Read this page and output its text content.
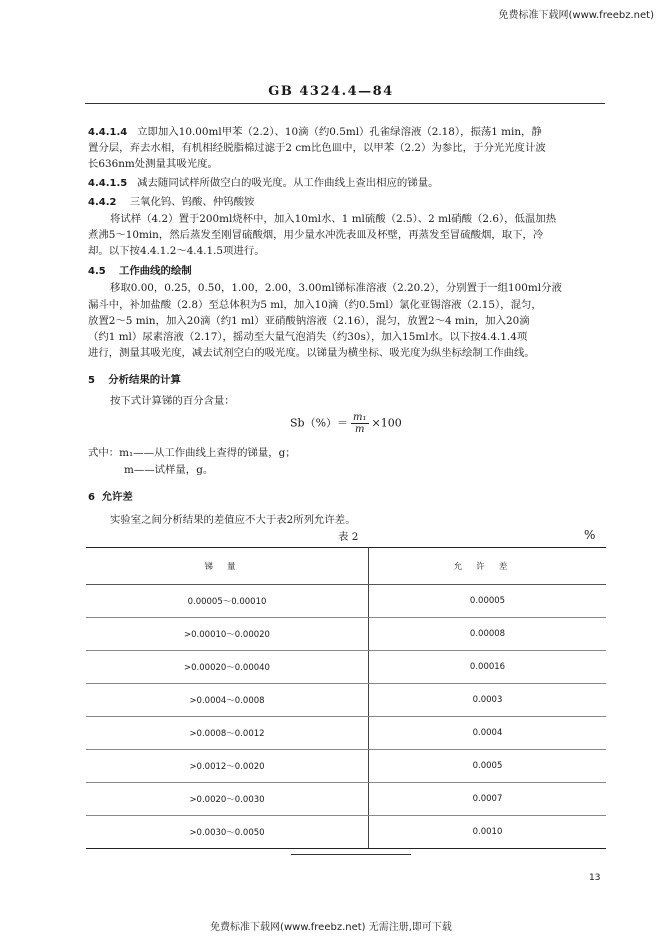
免费标准下载网(www.freebz.net)
GB 4324.4—84
4.4.1.4 立即加入10.00ml甲苯（2.2）、10滴（约0.5ml）孔雀绿溶液（2.18），振荡1 min，静
置分层，弃去水相，有机相经脱脂棉过滤于2 cm比色皿中，以甲苯（2.2）为参比，于分光光度计波
长636nm处测量其吸光度。
4.4.1.5 减去随同试样所做空白的吸光度。从工作曲线上查出相应的锑量。
4.4.2 三氧化钨、钨酸、仲钨酸铵
将试样（4.2）置于200ml烧杯中，加入10ml水、1 ml硫酸（2.5）、2 ml硝酸（2.6），低温加热
煮沸5～10min，然后蒸发至刚冒硫酸烟，用少量水冲洗表皿及杯壁，再蒸发至冒硫酸烟，取下，冷
却。以下按4.4.1.2～4.4.1.5项进行。
4.5 工作曲线的绘制
移取0.00，0.25，0.50，1.00，2.00，3.00ml锑标准溶液（2.20.2），分别置于一组100ml分液
漏斗中，补加盐酸（2.8）至总体积为5 ml，加入10滴（约0.5ml）氯化亚锡溶液（2.15），混匀，
放置2～5 min，加入20滴（约1 ml）亚硝酸钠溶液（2.16），混匀，放置2～4 min，加入20滴
（约1 ml）尿素溶液（2.17），摇动至大量气泡消失（约30s），加入15ml水。以下按4.4.1.4项
进行，测量其吸光度，减去试剂空白的吸光度。以锑量为横坐标、吸光度为纵坐标绘制工作曲线。
5 分析结果的计算
按下式计算锑的百分含量：
$Sb(\%)= \frac{\text{m₁}}{m} \times 100$
式中：m₁——从工作曲线上查得的锑量，g；
m——试样量，g。
6 允许差
实验室之间分析结果的差值应不大于表2所列允许差。
表 2	%
锑量	允许差
0.00005～0.00010	0.00005
>0.00010～0.00020	0.00008
>0.00020～0.00040	0.00016
>0.0004～0.0008	0.0003
>0.0008～0.0012	0.0004
>0.0012～0.0020	0.0005
>0.0020～0.0030	0.0007
>0.0030～0.0050	0.0010
13
免费标准下载网(www.freebz.net) 无需注册,即可下载
